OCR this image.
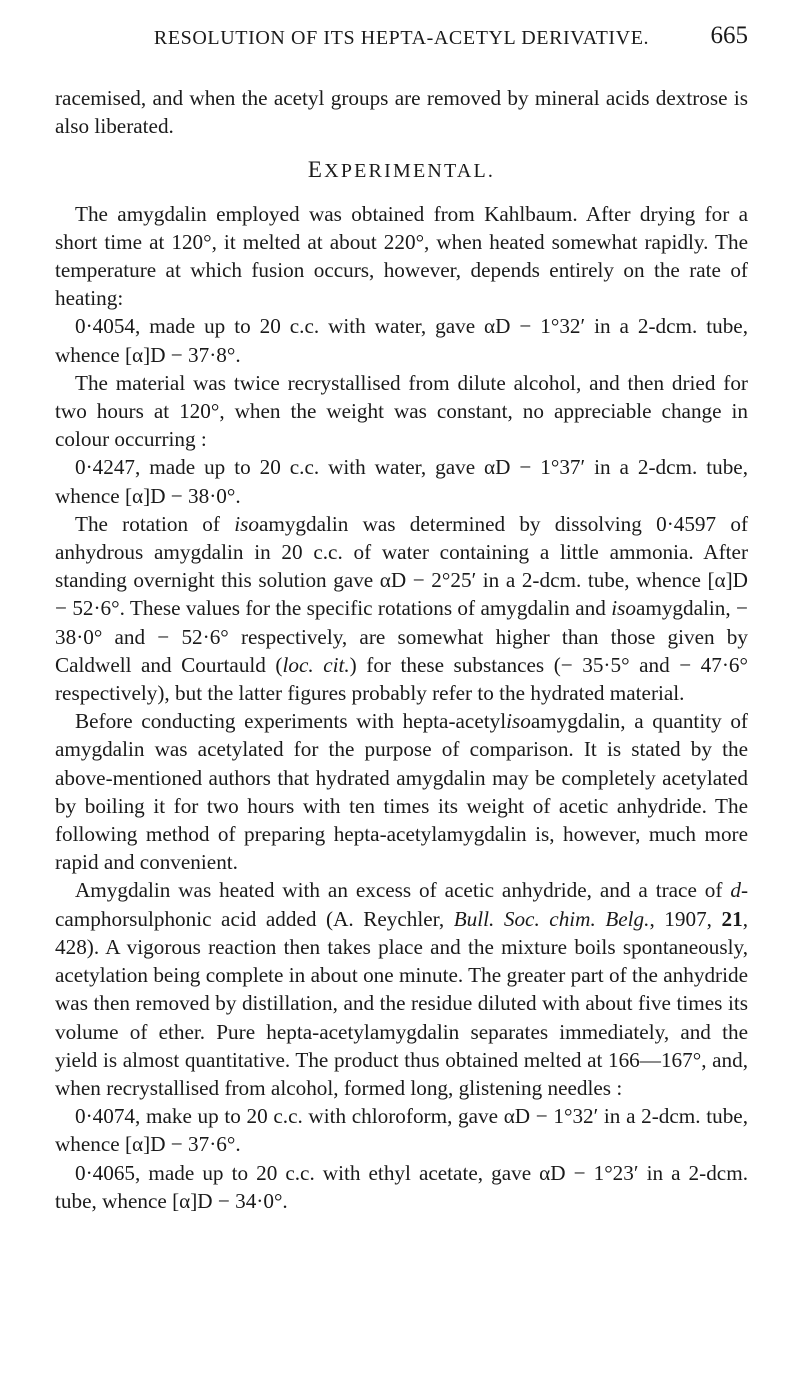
RESOLUTION OF ITS HEPTA-ACETYL DERIVATIVE.	665

racemised, and when the acetyl groups are removed by mineral acids dextrose is also liberated.

EXPERIMENTAL.

The amygdalin employed was obtained from Kahlbaum. After drying for a short time at 120°, it melted at about 220°, when heated somewhat rapidly. The temperature at which fusion occurs, however, depends entirely on the rate of heating:

0·4054, made up to 20 c.c. with water, gave αD − 1°32′ in a 2-dcm. tube, whence [α]D − 37·8°.

The material was twice recrystallised from dilute alcohol, and then dried for two hours at 120°, when the weight was constant, no appreciable change in colour occurring :

0·4247, made up to 20 c.c. with water, gave αD − 1°37′ in a 2-dcm. tube, whence [α]D − 38·0°.

The rotation of isoamygdalin was determined by dissolving 0·4597 of anhydrous amygdalin in 20 c.c. of water containing a little ammonia. After standing overnight this solution gave αD − 2°25′ in a 2-dcm. tube, whence [α]D − 52·6°. These values for the specific rotations of amygdalin and isoamygdalin, − 38·0° and − 52·6° respectively, are somewhat higher than those given by Caldwell and Courtauld (loc. cit.) for these substances (− 35·5° and − 47·6° respectively), but the latter figures probably refer to the hydrated material.

Before conducting experiments with hepta-acetylisoamygdalin, a quantity of amygdalin was acetylated for the purpose of comparison. It is stated by the above-mentioned authors that hydrated amygdalin may be completely acetylated by boiling it for two hours with ten times its weight of acetic anhydride. The following method of preparing hepta-acetylamygdalin is, however, much more rapid and convenient.

Amygdalin was heated with an excess of acetic anhydride, and a trace of d-camphorsulphonic acid added (A. Reychler, Bull. Soc. chim. Belg., 1907, 21, 428). A vigorous reaction then takes place and the mixture boils spontaneously, acetylation being complete in about one minute. The greater part of the anhydride was then removed by distillation, and the residue diluted with about five times its volume of ether. Pure hepta-acetylamygdalin separates immediately, and the yield is almost quantitative. The product thus obtained melted at 166—167°, and, when recrystallised from alcohol, formed long, glistening needles :

0·4074, make up to 20 c.c. with chloroform, gave αD − 1°32′ in a 2-dcm. tube, whence [α]D − 37·6°.

0·4065, made up to 20 c.c. with ethyl acetate, gave αD − 1°23′ in a 2-dcm. tube, whence [α]D − 34·0°.
